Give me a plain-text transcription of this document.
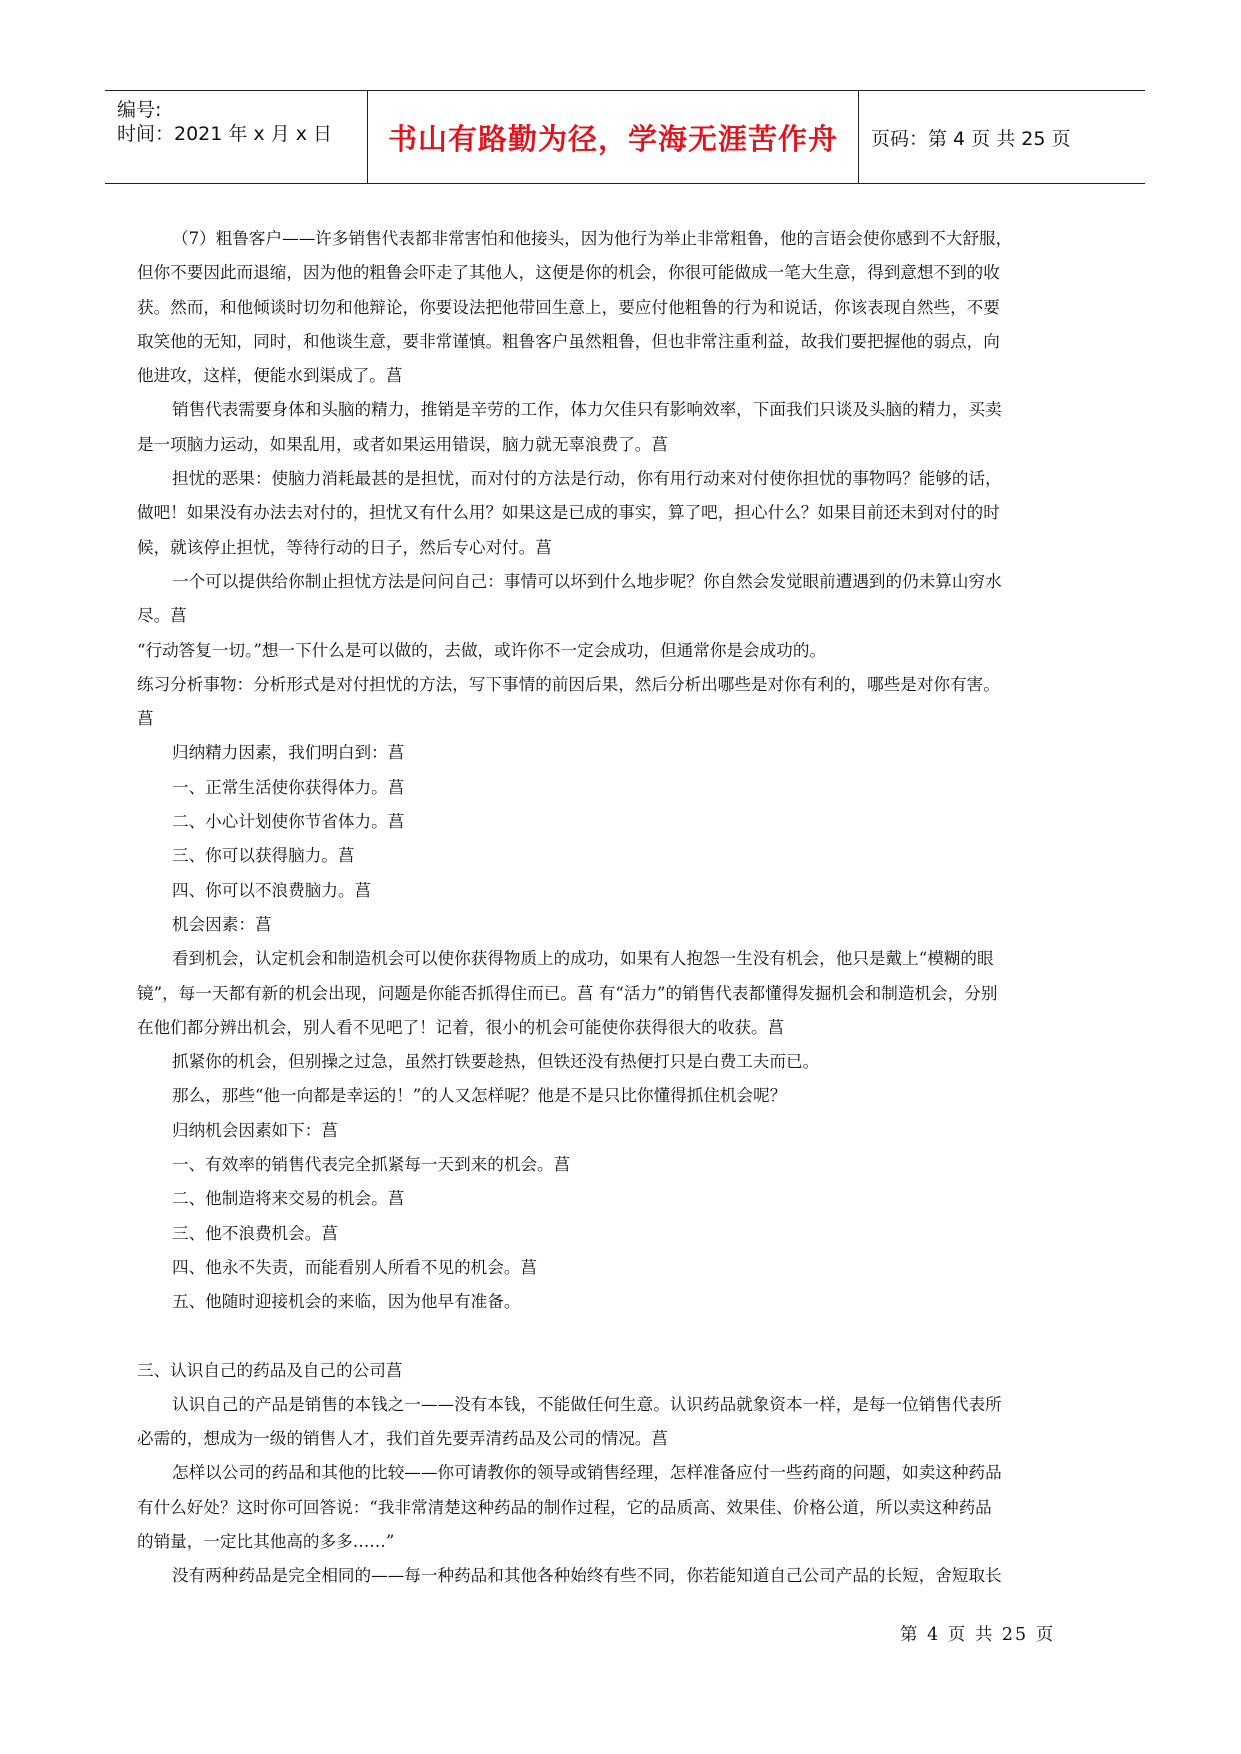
编号:
时间：2021 年 x 月 x 日 书山有路勤为径，学海无涯苦作舟 页码：第 4 页 共 25 页

（7）粗鲁客户——许多销售代表都非常害怕和他接头，因为他行为举止非常粗鲁，他的言语会使你感到不大舒服，

但你不要因此而退缩，因为他的粗鲁会吓走了其他人，这便是你的机会，你很可能做成一笔大生意，得到意想不到的收

获。然而，和他倾谈时切勿和他辩论，你要设法把他带回生意上，要应付他粗鲁的行为和说话，你该表现自然些，不要

取笑他的无知，同时，和他谈生意，要非常谨慎。粗鲁客户虽然粗鲁，但也非常注重利益，故我们要把握他的弱点，向

他进攻，这样，便能水到渠成了。菖

销售代表需要身体和头脑的精力，推销是辛劳的工作，体力欠佳只有影响效率，下面我们只谈及头脑的精力，买卖

是一项脑力运动，如果乱用，或者如果运用错误，脑力就无辜浪费了。菖

担忧的恶果：使脑力消耗最甚的是担忧，而对付的方法是行动，你有用行动来对付使你担忧的事物吗？能够的话，

做吧！如果没有办法去对付的，担忧又有什么用？如果这是已成的事实，算了吧，担心什么？如果目前还未到对付的时

候，就该停止担忧，等待行动的日子，然后专心对付。菖

一个可以提供给你制止担忧方法是问问自己：事情可以坏到什么地步呢？你自然会发觉眼前遭遇到的仍未算山穷水

尽。菖

“行动答复一切。”想一下什么是可以做的，去做，或许你不一定会成功，但通常你是会成功的。

练习分析事物：分析形式是对付担忧的方法，写下事情的前因后果，然后分析出哪些是对你有利的，哪些是对你有害。

菖

归纳精力因素，我们明白到：菖

一、正常生活使你获得体力。菖

二、小心计划使你节省体力。菖

三、你可以获得脑力。菖

四、你可以不浪费脑力。菖

机会因素：菖

看到机会，认定机会和制造机会可以使你获得物质上的成功，如果有人抱怨一生没有机会，他只是戴上“模糊的眼

镜”，每一天都有新的机会出现，问题是你能否抓得住而已。菖 有“活力”的销售代表都懂得发掘机会和制造机会，分别

在他们都分辨出机会，别人看不见吧了！记着，很小的机会可能使你获得很大的收获。菖

抓紧你的机会，但别操之过急，虽然打铁要趁热，但铁还没有热便打只是白费工夫而已。

那么，那些“他一向都是幸运的！”的人又怎样呢？他是不是只比你懂得抓住机会呢？

归纳机会因素如下：菖

一、有效率的销售代表完全抓紧每一天到来的机会。菖

二、他制造将来交易的机会。菖

三、他不浪费机会。菖

四、他永不失责，而能看别人所看不见的机会。菖

五、他随时迎接机会的来临，因为他早有准备。

三、认识自己的药品及自己的公司菖

认识自己的产品是销售的本钱之一——没有本钱，不能做任何生意。认识药品就象资本一样，是每一位销售代表所

必需的，想成为一级的销售人才，我们首先要弄清药品及公司的情况。菖

怎样以公司的药品和其他的比较——你可请教你的领导或销售经理，怎样准备应付一些药商的问题，如卖这种药品

有什么好处？这时你可回答说：“我非常清楚这种药品的制作过程，它的品质高、效果佳、价格公道，所以卖这种药品

的销量，一定比其他高的多多……”

没有两种药品是完全相同的——每一种药品和其他各种始终有些不同，你若能知道自己公司产品的长短，舍短取长

第 4 页 共 25 页
